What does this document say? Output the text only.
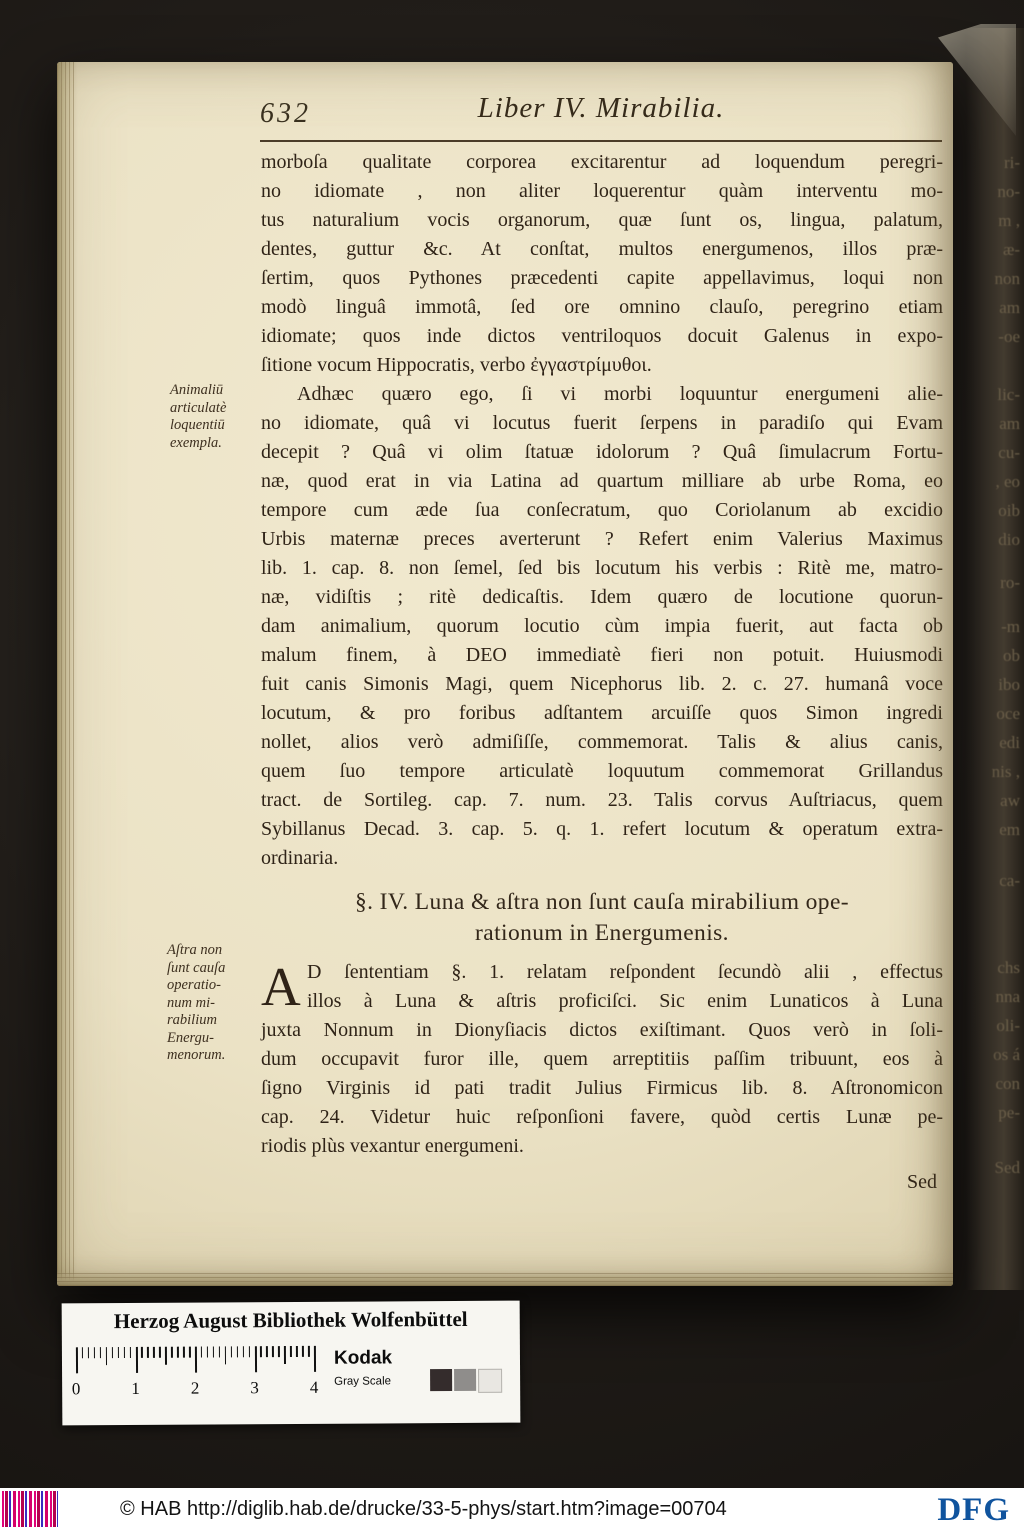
ri-
no-
m ,
æ-
non
am
-oe
lic-
am
cu-
, eo
oib
dio
ro-
-m
ob
ibo
oce
edi
nis ,
aw
em
ca-
chs
nna
oli-
os á
con
pe-
Sed
632	Liber IV. Mirabilia.
Animaliū
articulatè
loquentiū
exempla.
Aſtra non
ſunt cauſa
operatio-
num mi-
rabilium
Energu-
menorum.
morboſa qualitate corporea excitarentur ad loquendum peregri-
no idiomate , non aliter loquerentur quàm interventu mo-
tus naturalium vocis organorum, quæ ſunt os, lingua, palatum,
dentes, guttur &c. At conſtat, multos energumenos, illos præ-
ſertim, quos Pythones præcedenti capite appellavimus, loqui non
modò linguâ immotâ, ſed ore omnino clauſo, peregrino etiam
idiomate; quos inde dictos ventriloquos docuit Galenus in expo-
ſitione vocum Hippocratis, verbo ἐγγαστρίμυθοι.
Adhæc quæro ego, ſi vi morbi loquuntur energumeni alie-
no idiomate, quâ vi locutus fuerit ſerpens in paradiſo qui Evam
decepit ? Quâ vi olim ſtatuæ idolorum ? Quâ ſimulacrum Fortu-
næ, quod erat in via Latina ad quartum milliare ab urbe Roma, eo
tempore cum æde ſua conſecratum, quo Coriolanum ab excidio
Urbis maternæ preces averterunt ? Refert enim Valerius Maximus
lib. 1. cap. 8. non ſemel, ſed bis locutum his verbis : Ritè me, matro-
næ, vidiſtis ; ritè dedicaſtis. Idem quæro de locutione quorun-
dam animalium, quorum locutio cùm impia fuerit, aut facta ob
malum finem, à DEO immediatè fieri non potuit. Huiusmodi
fuit canis Simonis Magi, quem Nicephorus lib. 2. c. 27. humanâ voce
locutum, & pro foribus adſtantem arcuiſſe quos Simon ingredi
nollet, alios verò admiſiſſe, commemorat. Talis & alius canis,
quem ſuo tempore articulatè loquutum commemorat Grillandus
tract. de Sortileg. cap. 7. num. 23. Talis corvus Auſtriacus, quem
Sybillanus Decad. 3. cap. 5. q. 1. refert locutum & operatum extra-
ordinaria.
§. IV. Luna & aſtra non ſunt cauſa mirabilium ope-
rationum in Energumenis.
A D ſententiam §. 1. relatam reſpondent ſecundò alii , effectus
illos à Luna & aſtris proficiſci. Sic enim Lunaticos à Luna
juxta Nonnum in Dionyſiacis dictos exiſtimant. Quos verò in ſoli-
dum occupavit furor ille, quem arreptitiis paſſim tribuunt, eos à
ſigno Virginis id pati tradit Julius Firmicus lib. 8. Aſtronomicon
cap. 24. Videtur huic reſponſioni favere, quòd certis Lunæ pe-
riodis plùs vexantur energumeni.
Sed
Herzog August Bibliothek Wolfenbüttel
0	1	2	3	4
Kodak
Gray Scale
© HAB http://diglib.hab.de/drucke/33-5-phys/start.htm?image=00704	DFG
